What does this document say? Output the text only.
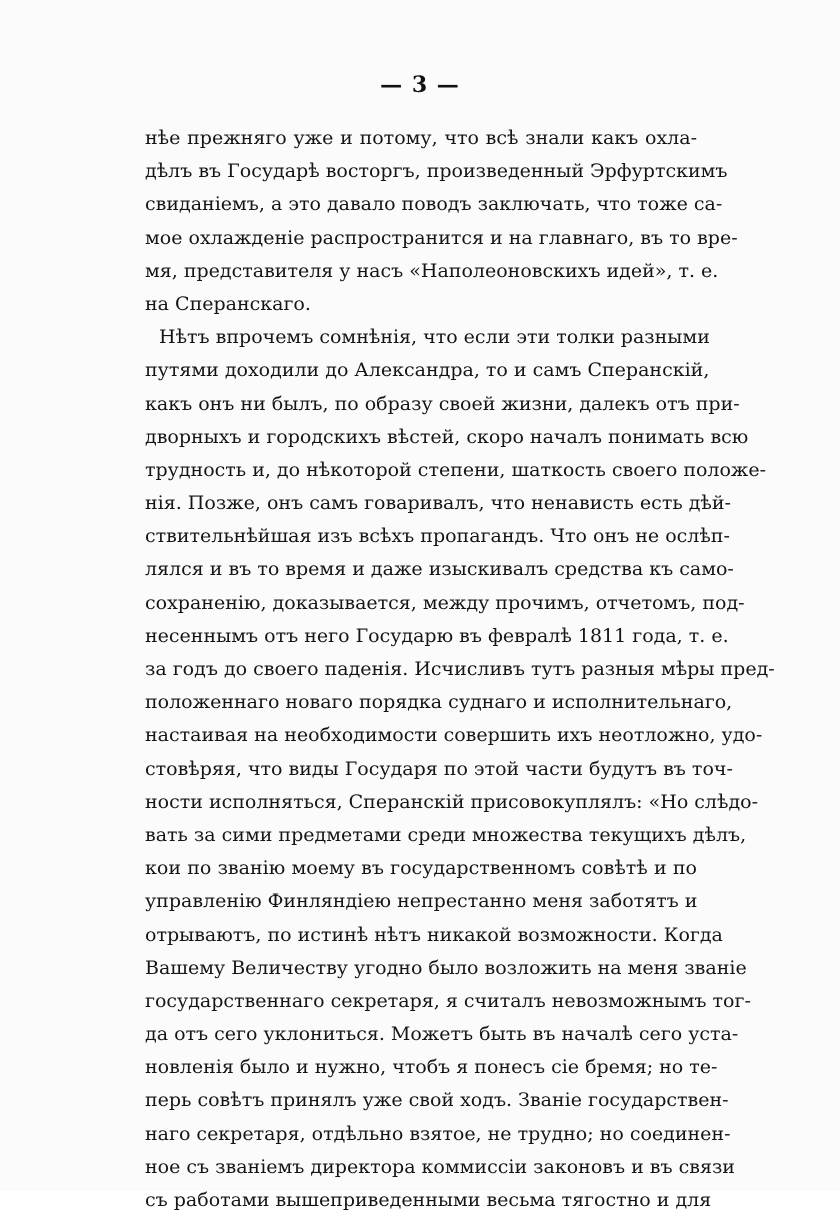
— 3 —
нѣе прежняго уже и потому, что всѣ знали какъ охла-
дѣлъ въ Государѣ восторгъ, произведенный Эрфуртскимъ
свиданіемъ, а это давало поводъ заключать, что тоже са-
мое охлажденіе распространится и на главнаго, въ то вре-
мя, представителя у насъ «Наполеоновскихъ идей», т. е.
на Сперанскаго.
Нѣтъ впрочемъ сомнѣнія, что если эти толки разными
путями доходили до Александра, то и самъ Сперанскій,
какъ онъ ни былъ, по образу своей жизни, далекъ отъ при-
дворныхъ и городскихъ вѣстей, скоро началъ понимать всю
трудность и, до нѣкоторой степени, шаткость своего положе-
нія. Позже, онъ самъ говаривалъ, что ненависть есть дѣй-
ствительнѣйшая изъ всѣхъ пропагандъ. Что онъ не ослѣп-
лялся и въ то время и даже изыскивалъ средства къ само-
сохраненію, доказывается, между прочимъ, отчетомъ, под-
несеннымъ отъ него Государю въ февралѣ 1811 года, т. е.
за годъ до своего паденія. Исчисливъ тутъ разныя мѣры пред-
положеннаго новаго порядка суднаго и исполнительнаго,
настаивая на необходимости совершить ихъ неотложно, удо-
стовѣряя, что виды Государя по этой части будутъ въ точ-
ности исполняться, Сперанскій присовокуплялъ: «Но слѣдо-
вать за сими предметами среди множества текущихъ дѣлъ,
кои по званію моему въ государственномъ совѣтѣ и по
управленію Финляндіею непрестанно меня заботятъ и
отрываютъ, по истинѣ нѣтъ никакой возможности. Когда
Вашему Величеству угодно было возложить на меня званіе
государственнаго секретаря, я считалъ невозможнымъ тог-
да отъ сего уклониться. Можетъ быть въ началѣ сего уста-
новленія было и нужно, чтобъ я понесъ сіе бремя; но те-
перь совѣтъ принялъ уже свой ходъ. Званіе государствен-
наго секретаря, отдѣльно взятое, не трудно; но соединен-
ное съ званіемъ директора коммиссіи законовъ и въ связи
съ работами вышеприведенными весьма тягостно и для
